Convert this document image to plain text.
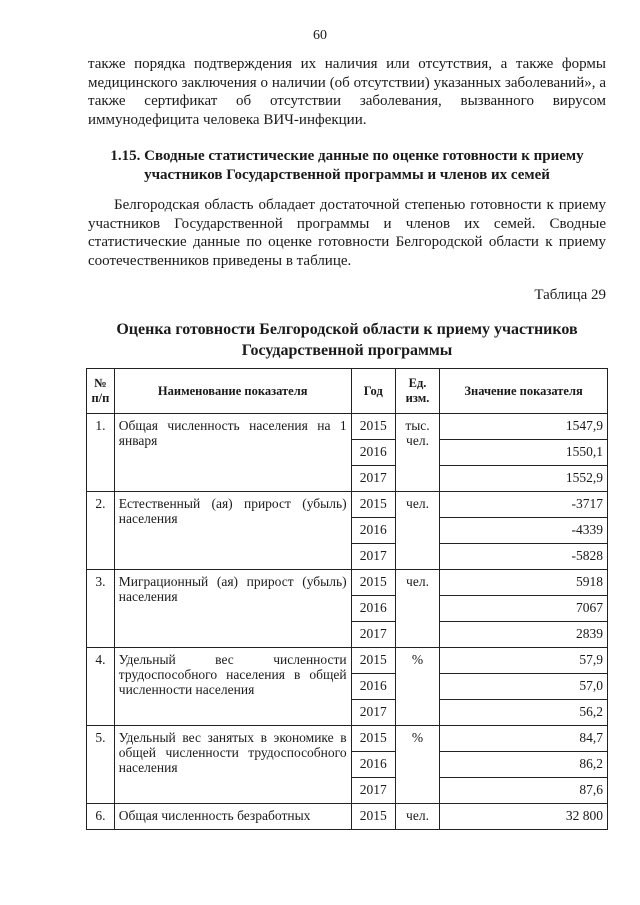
60
также порядка подтверждения их наличия или отсутствия, а также формы медицинского заключения о наличии (об отсутствии) указанных заболеваний», а также сертификат об отсутствии заболевания, вызванного вирусом иммунодефицита человека ВИЧ-инфекции.
1.15. Сводные статистические данные по оценке готовности к приему участников Государственной программы и членов их семей
Белгородская область обладает достаточной степенью готовности к приему участников Государственной программы и членов их семей. Сводные статистические данные по оценке готовности Белгородской области к приему соотечественников приведены в таблице.
Таблица 29
Оценка готовности Белгородской области к приему участников Государственной программы
№ п/п	Наименование показателя	Год	Ед. изм.	Значение показателя
1.	Общая численность населения на 1 января	2015	тыс. чел.	1547,9
		2016		1550,1
		2017		1552,9
2.	Естественный (ая) прирост (убыль) населения	2015	чел.	-3717
		2016		-4339
		2017		-5828
3.	Миграционный (ая) прирост (убыль) населения	2015	чел.	5918
		2016		7067
		2017		2839
4.	Удельный вес численности трудоспособного населения в общей численности населения	2015	%	57,9
		2016		57,0
		2017		56,2
5.	Удельный вес занятых в экономике в общей численности трудоспособного населения	2015	%	84,7
		2016		86,2
		2017		87,6
6.	Общая численность безработных	2015	чел.	32 800
